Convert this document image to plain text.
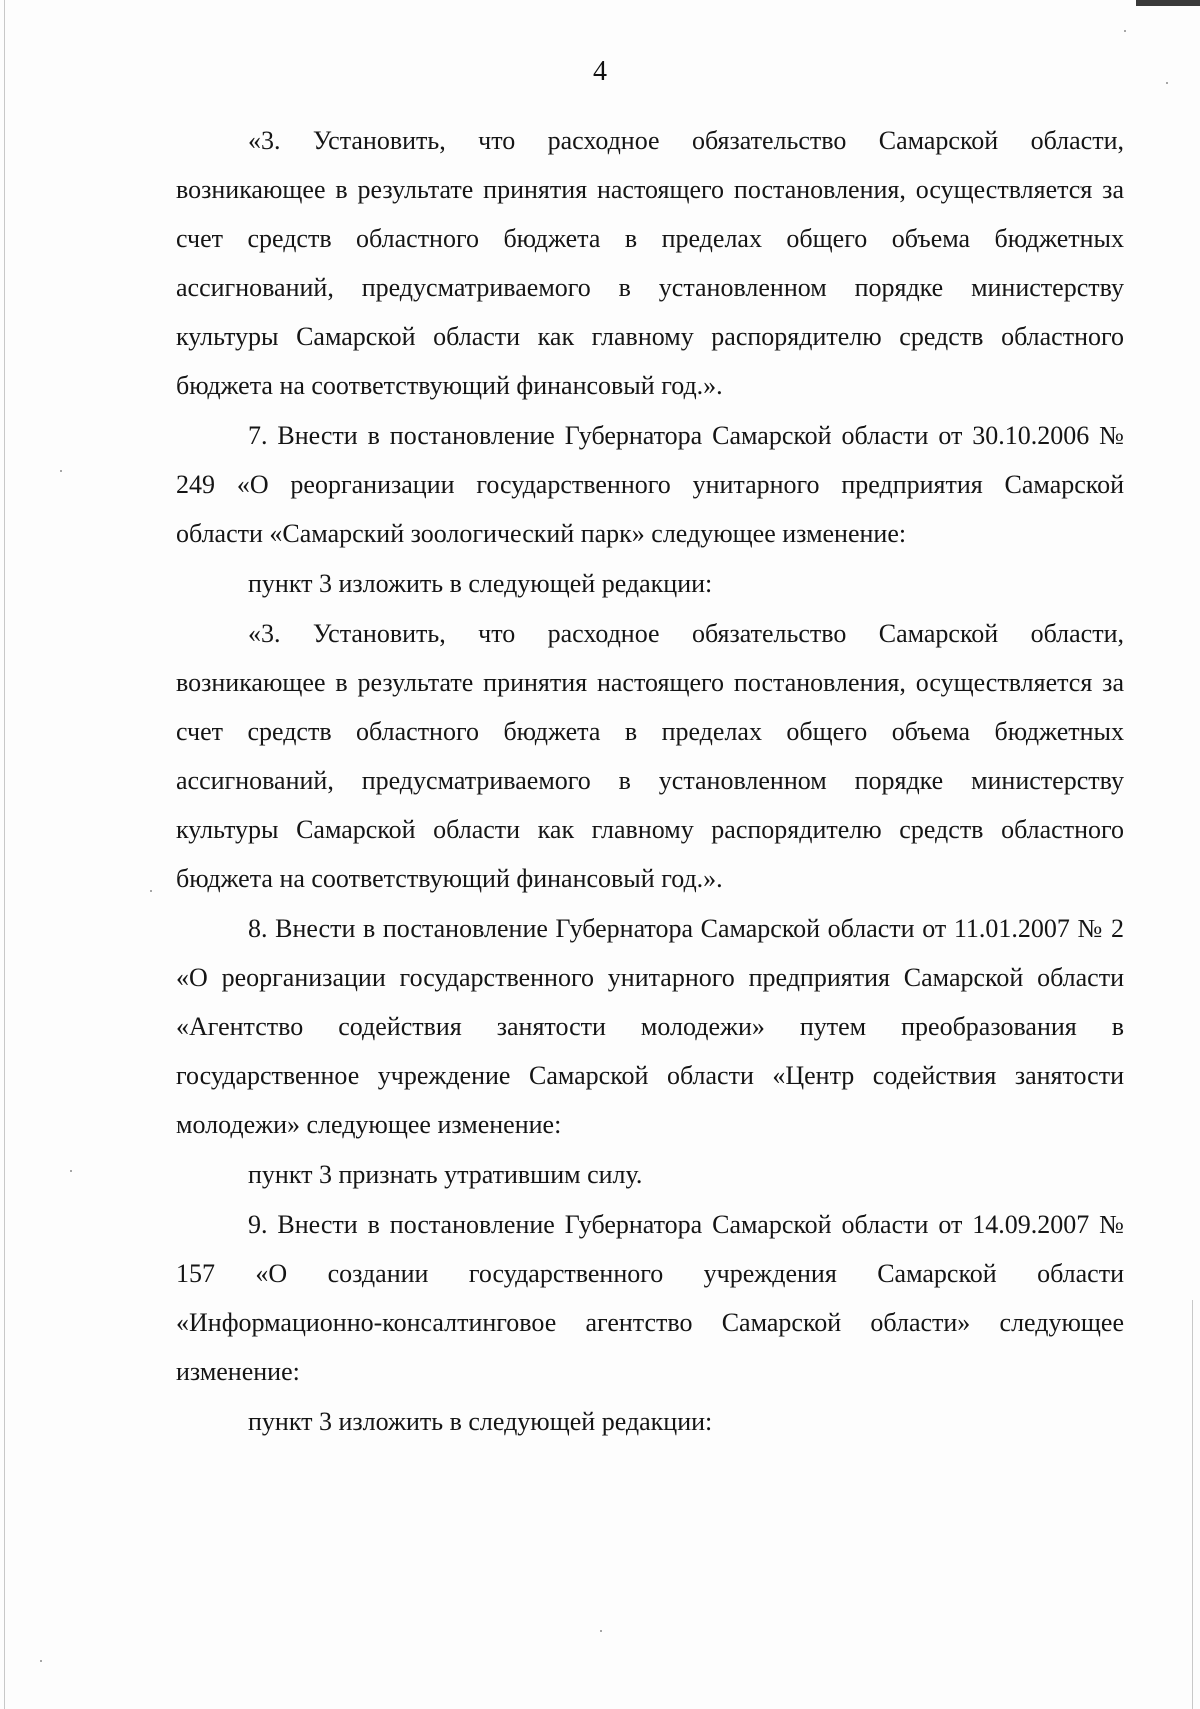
4

«3. Установить, что расходное обязательство Самарской области, возникающее в результате принятия настоящего постановления, осуществляется за счет средств областного бюджета в пределах общего объема бюджетных ассигнований, предусматриваемого в установленном порядке министерству культуры Самарской области как главному распорядителю средств областного бюджета на соответствующий финансовый год.».

7. Внести в постановление Губернатора Самарской области от 30.10.2006 № 249 «О реорганизации государственного унитарного предприятия Самарской области «Самарский зоологический парк» следующее изменение:

пункт 3 изложить в следующей редакции:

«3. Установить, что расходное обязательство Самарской области, возникающее в результате принятия настоящего постановления, осуществляется за счет средств областного бюджета в пределах общего объема бюджетных ассигнований, предусматриваемого в установленном порядке министерству культуры Самарской области как главному распорядителю средств областного бюджета на соответствующий финансовый год.».

8. Внести в постановление Губернатора Самарской области от 11.01.2007 № 2 «О реорганизации государственного унитарного предприятия Самарской области «Агентство содействия занятости молодежи» путем преобразования в государственное учреждение Самарской области «Центр содействия занятости молодежи» следующее изменение:

пункт 3 признать утратившим силу.

9. Внести в постановление Губернатора Самарской области от 14.09.2007 № 157 «О создании государственного учреждения Самарской области «Информационно-консалтинговое агентство Самарской области» следующее изменение:

пункт 3 изложить в следующей редакции:
